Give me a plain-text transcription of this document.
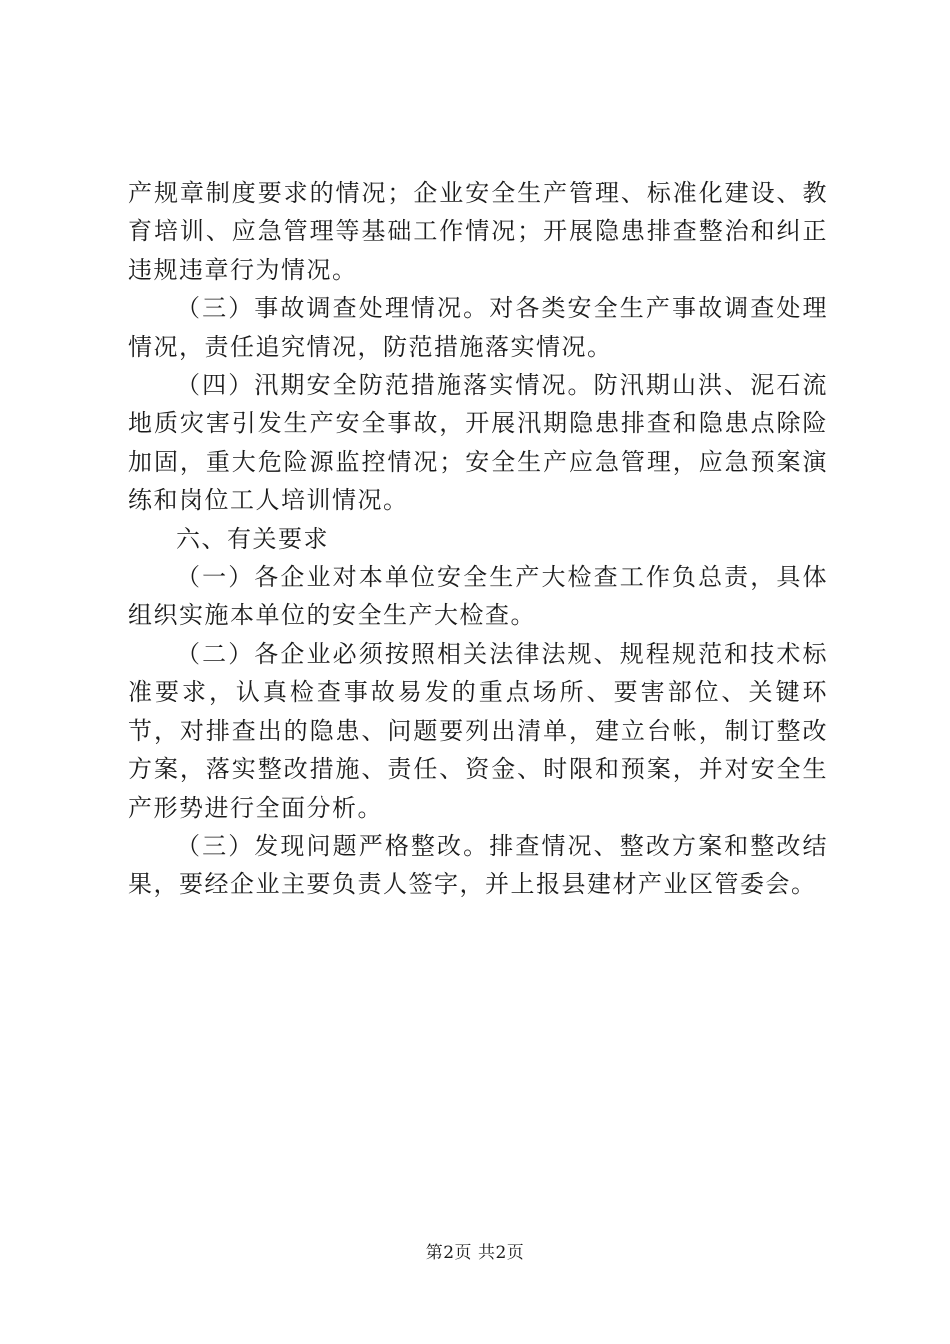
产规章制度要求的情况；企业安全生产管理、标准化建设、教育培训、应急管理等基础工作情况；开展隐患排查整治和纠正违规违章行为情况。

（三）事故调查处理情况。对各类安全生产事故调查处理情况，责任追究情况，防范措施落实情况。

（四）汛期安全防范措施落实情况。防汛期山洪、泥石流地质灾害引发生产安全事故，开展汛期隐患排查和隐患点除险加固，重大危险源监控情况；安全生产应急管理，应急预案演练和岗位工人培训情况。

六、有关要求

（一）各企业对本单位安全生产大检查工作负总责，具体组织实施本单位的安全生产大检查。

（二）各企业必须按照相关法律法规、规程规范和技术标准要求，认真检查事故易发的重点场所、要害部位、关键环节，对排查出的隐患、问题要列出清单，建立台帐，制订整改方案，落实整改措施、责任、资金、时限和预案，并对安全生产形势进行全面分析。

（三）发现问题严格整改。排查情况、整改方案和整改结果，要经企业主要负责人签字，并上报县建材产业区管委会。

第2页 共2页
